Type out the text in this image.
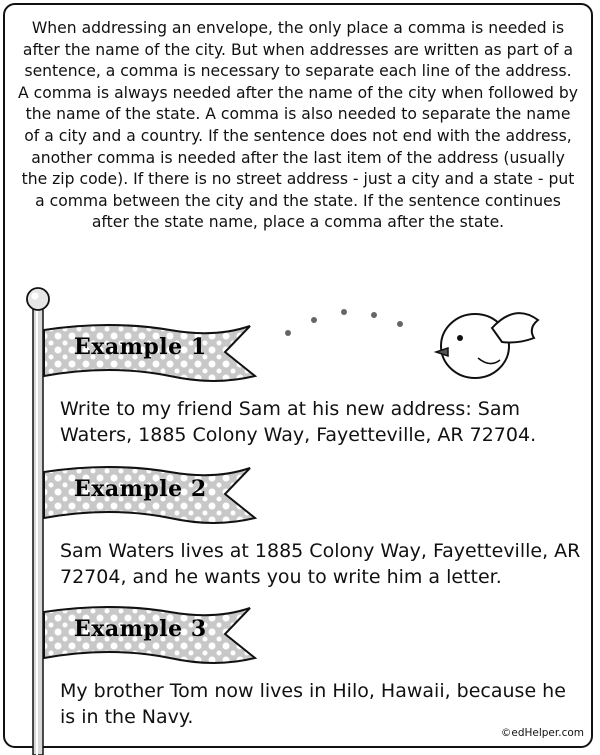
When addressing an envelope, the only place a comma is needed is after the name of the city. But when addresses are written as part of a sentence, a comma is necessary to separate each line of the address. A comma is always needed after the name of the city when followed by the name of the state. A comma is also needed to separate the name of a city and a country. If the sentence does not end with the address, another comma is needed after the last item of the address (usually the zip code). If there is no street address - just a city and a state - put a comma between the city and the state. If the sentence continues after the state name, place a comma after the state.

Example 1

Write to my friend Sam at his new address: Sam Waters, 1885 Colony Way, Fayetteville, AR 72704.

Example 2

Sam Waters lives at 1885 Colony Way, Fayetteville, AR 72704, and he wants you to write him a letter.

Example 3

My brother Tom now lives in Hilo, Hawaii, because he is in the Navy.

©edHelper.com
